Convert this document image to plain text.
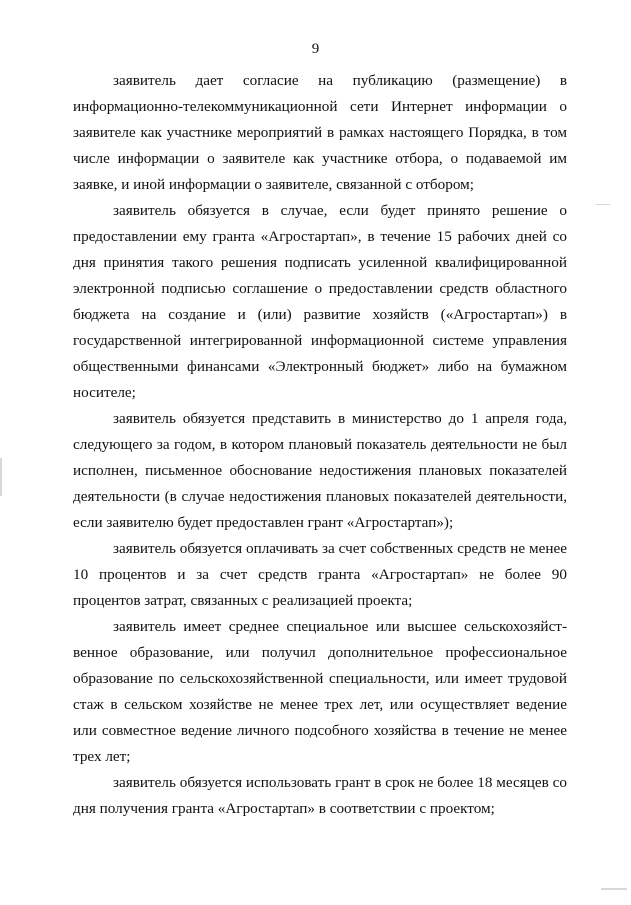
9

заявитель дает согласие на публикацию (размещение) в информационно-телекоммуникационной сети Интернет информации о заявителе как участнике мероприятий в рамках настоящего Порядка, в том числе информации о заявителе как участнике отбора, о подаваемой им заявке, и иной информации о заявителе, связанной с отбором;

заявитель обязуется в случае, если будет принято решение о предоставлении ему гранта «Агростартап», в течение 15 рабочих дней со дня принятия такого решения подписать усиленной квалифицированной электронной подписью соглашение о предоставлении средств областного бюджета на создание и (или) развитие хозяйств («Агростартап») в государственной интегрированной информационной системе управления общественными финансами «Электронный бюджет» либо на бумажном носителе;

заявитель обязуется представить в министерство до 1 апреля года, следующего за годом, в котором плановый показатель деятельности не был исполнен, письменное обоснование недостижения плановых показателей деятельности (в случае недостижения плановых показателей деятельности, если заявителю будет предоставлен грант «Агростартап»);

заявитель обязуется оплачивать за счет собственных средств не менее 10 процентов и за счет средств гранта «Агростартап» не более 90 процентов затрат, связанных с реализацией проекта;

заявитель имеет среднее специальное или высшее сельскохозяйст-венное образование, или получил дополнительное профессиональное образование по сельскохозяйственной специальности, или имеет трудовой стаж в сельском хозяйстве не менее трех лет, или осуществляет ведение или совместное ведение личного подсобного хозяйства в течение не менее трех лет;

заявитель обязуется использовать грант в срок не более 18 месяцев со дня получения гранта «Агростартап» в соответствии с проектом;
